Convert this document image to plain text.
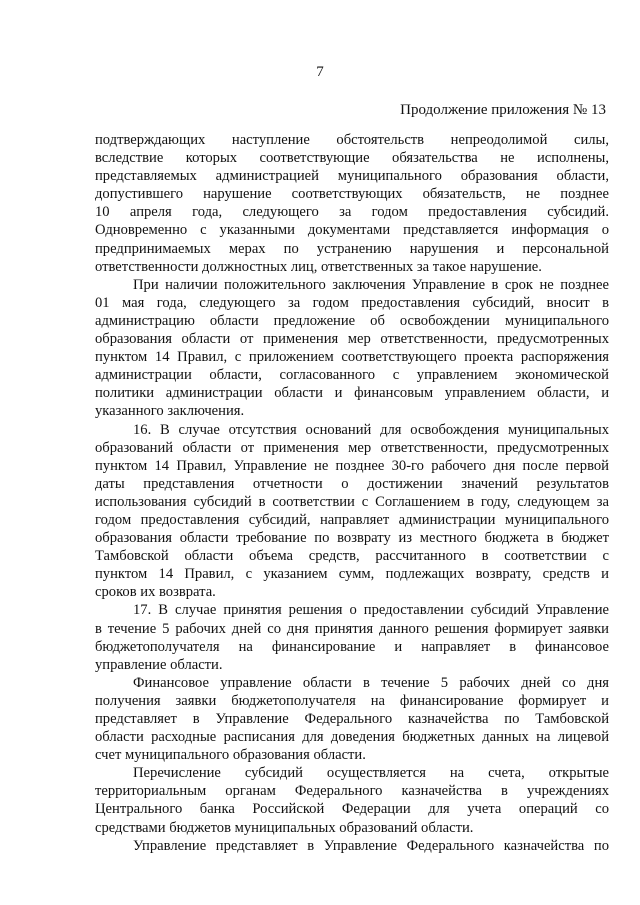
7
Продолжение приложения № 13
подтверждающих наступление обстоятельств непреодолимой силы,
вследствие которых соответствующие обязательства не исполнены,
представляемых администрацией муниципального образования области,
допустившего нарушение соответствующих обязательств, не позднее
10 апреля года, следующего за годом предоставления субсидий.
Одновременно с указанными документами представляется информация о
предпринимаемых мерах по устранению нарушения и персональной
ответственности должностных лиц, ответственных за такое нарушение.
При наличии положительного заключения Управление в срок не позднее
01 мая года, следующего за годом предоставления субсидий, вносит в
администрацию области предложение об освобождении муниципального
образования области от применения мер ответственности, предусмотренных
пунктом 14 Правил, с приложением соответствующего проекта распоряжения
администрации области, согласованного с управлением экономической
политики администрации области и финансовым управлением области, и
указанного заключения.
16. В случае отсутствия оснований для освобождения муниципальных
образований области от применения мер ответственности, предусмотренных
пунктом 14 Правил, Управление не позднее 30-го рабочего дня после первой
даты представления отчетности о достижении значений результатов
использования субсидий в соответствии с Соглашением в году, следующем за
годом предоставления субсидий, направляет администрации муниципального
образования области требование по возврату из местного бюджета в бюджет
Тамбовской области объема средств, рассчитанного в соответствии с
пунктом 14 Правил, с указанием сумм, подлежащих возврату, средств и
сроков их возврата.
17. В случае принятия решения о предоставлении субсидий Управление
в течение 5 рабочих дней со дня принятия данного решения формирует заявки
бюджетополучателя на финансирование и направляет в финансовое
управление области.
Финансовое управление области в течение 5 рабочих дней со дня
получения заявки бюджетополучателя на финансирование формирует и
представляет в Управление Федерального казначейства по Тамбовской
области расходные расписания для доведения бюджетных данных на лицевой
счет муниципального образования области.
Перечисление субсидий осуществляется на счета, открытые
территориальным органам Федерального казначейства в учреждениях
Центрального банка Российской Федерации для учета операций со
средствами бюджетов муниципальных образований области.
Управление представляет в Управление Федерального казначейства по
